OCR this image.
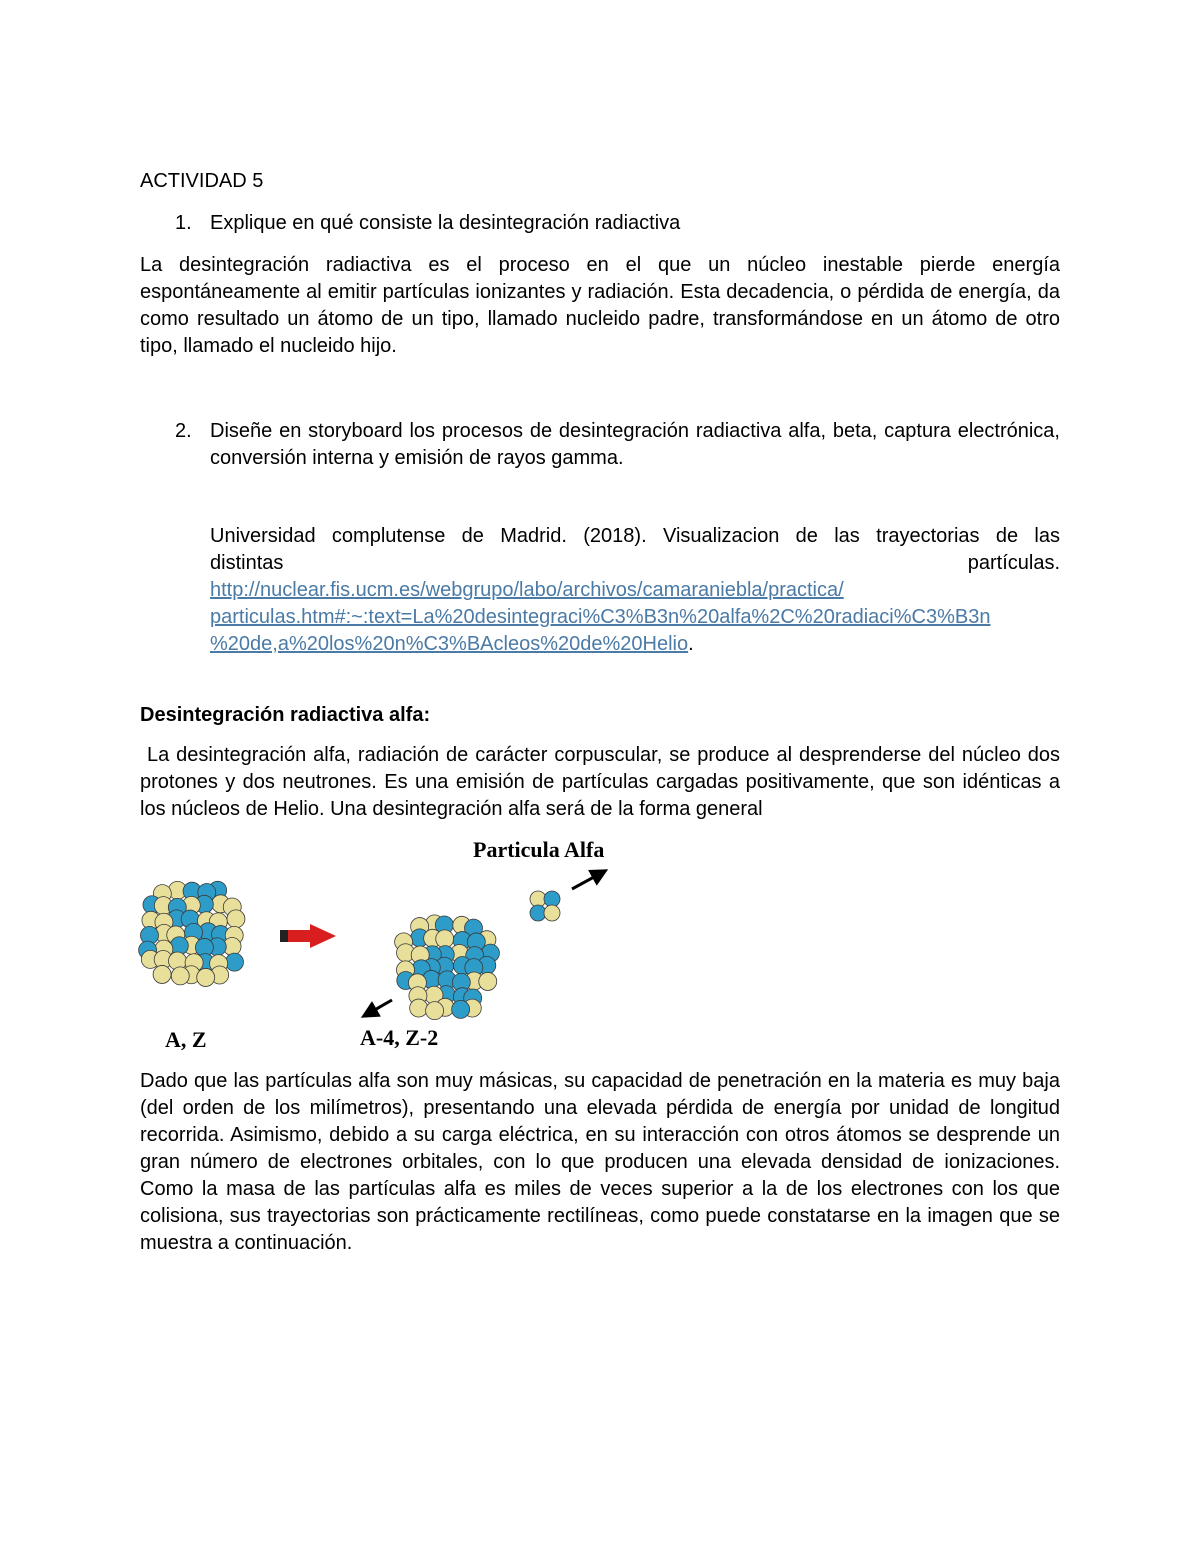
ACTIVIDAD 5

1. Explique en qué consiste la desintegración radiactiva

La desintegración radiactiva es el proceso en el que un núcleo inestable pierde energía espontáneamente al emitir partículas ionizantes y radiación. Esta decadencia, o pérdida de energía, da como resultado un átomo de un tipo, llamado nucleido padre, transformándose en un átomo de otro tipo, llamado el nucleido hijo.

2. Diseñe en storyboard los procesos de desintegración radiactiva alfa, beta, captura electrónica, conversión interna y emisión de rayos gamma.

Universidad complutense de Madrid. (2018). Visualizacion de las trayectorias de las
distintas	partículas.
http://nuclear.fis.ucm.es/webgrupo/labo/archivos/camaraniebla/practica/
particulas.htm#:~:text=La%20desintegraci%C3%B3n%20alfa%2C%20radiaci%C3%B3n
%20de,a%20los%20n%C3%BAcleos%20de%20Helio.

Desintegración radiactiva alfa:

La desintegración alfa, radiación de carácter corpuscular, se produce al desprenderse del núcleo dos protones y dos neutrones. Es una emisión de partículas cargadas positivamente, que son idénticas a los núcleos de Helio. Una desintegración alfa será de la forma general

Particula Alfa
A, Z	A-4, Z-2

Dado que las partículas alfa son muy másicas, su capacidad de penetración en la materia es muy baja (del orden de los milímetros), presentando una elevada pérdida de energía por unidad de longitud recorrida. Asimismo, debido a su carga eléctrica, en su interacción con otros átomos se desprende un gran número de electrones orbitales, con lo que producen una elevada densidad de ionizaciones. Como la masa de las partículas alfa es miles de veces superior a la de los electrones con los que colisiona, sus trayectorias son prácticamente rectilíneas, como puede constatarse en la imagen que se muestra a continuación.
